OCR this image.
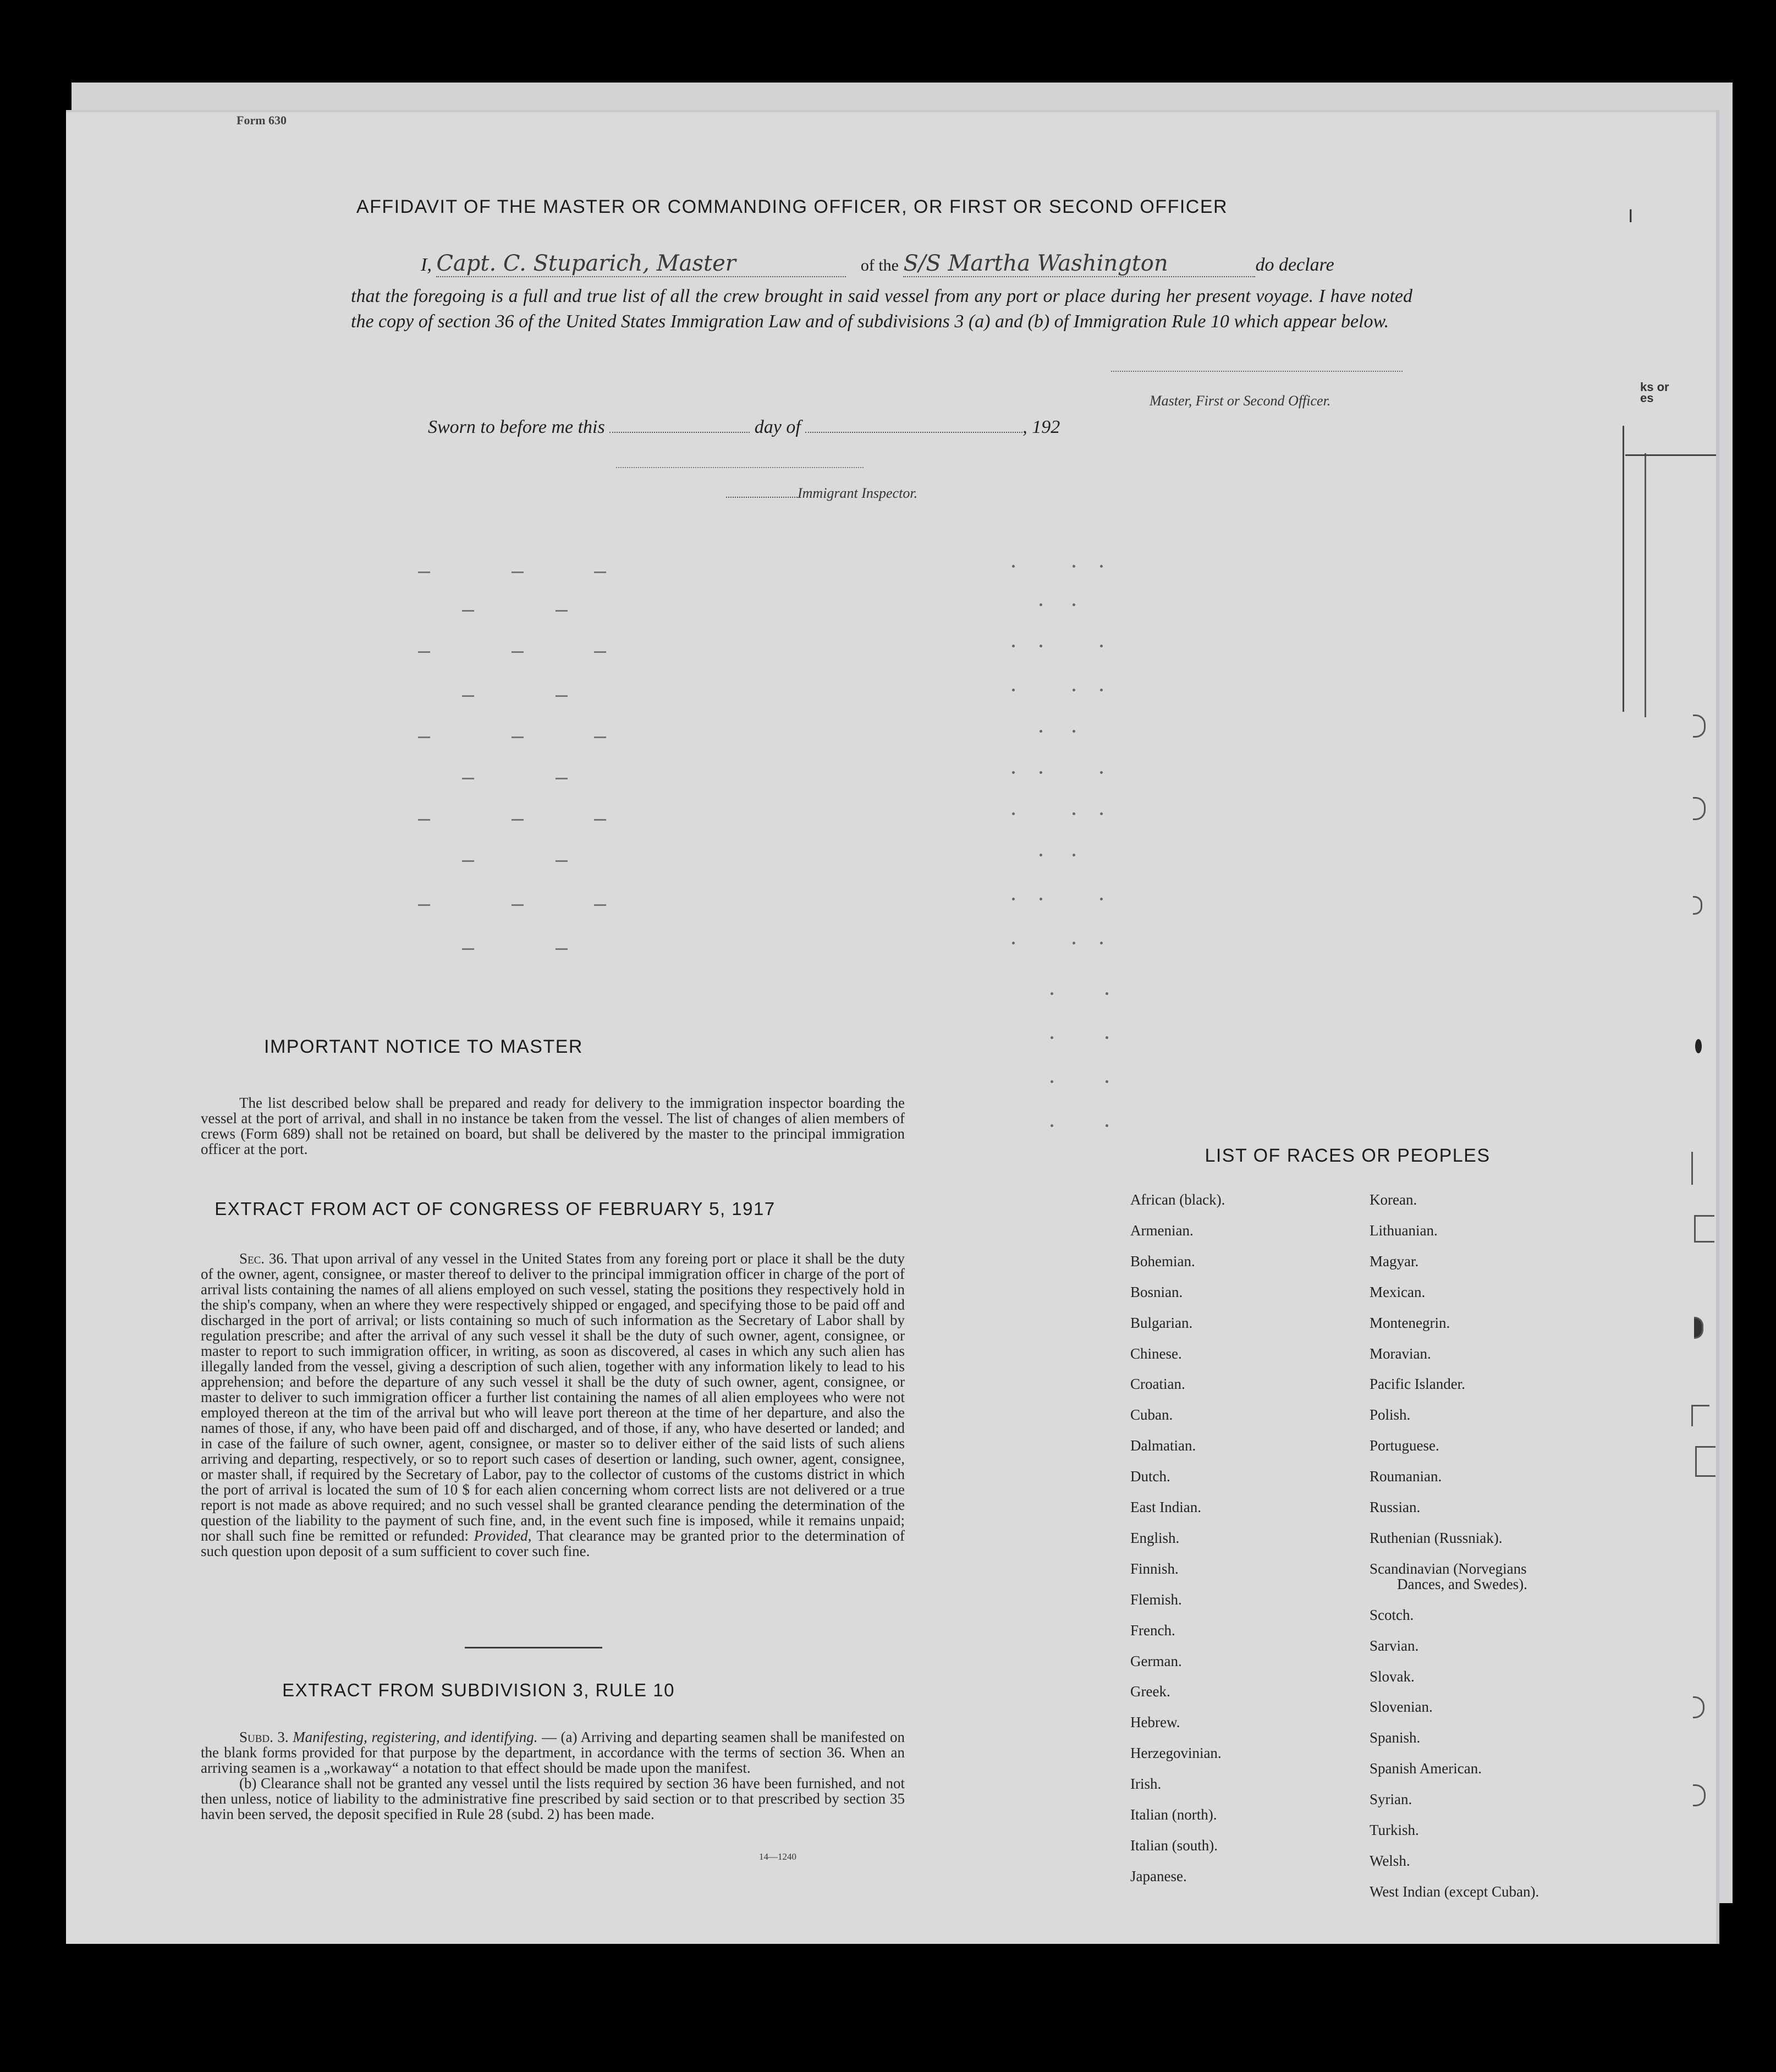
Form 630
I
AFFIDAVIT OF THE MASTER OR COMMANDING OFFICER, OR FIRST OR SECOND OFFICER
I, Capt. C. Stuparich, Master	of the S/S Martha Washington	do declare
that the foregoing is a full and true list of all the crew brought in said vessel from any port or place during her present voyage. I have noted the copy of section 36 of the United States Immigration Law and of subdivisions 3 (a) and (b) of Immigration Rule 10 which appear below.
Master, First or Second Officer.
Sworn to before me this	day of	, 192
Immigrant Inspector.
ks or
es
IMPORTANT NOTICE TO MASTER
The list described below shall be prepared and ready for delivery to the immigration inspector boarding the vessel at the port of arrival, and shall in no instance be taken from the vessel. The list of changes of alien members of crews (Form 689) shall not be retained on board, but shall be delivered by the master to the principal immigration officer at the port.
EXTRACT FROM ACT OF CONGRESS OF FEBRUARY 5, 1917
Sec. 36. That upon arrival of any vessel in the United States from any foreing port or place it shall be the duty of the owner, agent, consignee, or master thereof to deliver to the principal immigration officer in charge of the port of arrival lists containing the names of all aliens employed on such vessel, stating the positions they respectively hold in the ship's company, when an where they were respectively shipped or engaged, and specifying those to be paid off and discharged in the port of arrival; or lists containing so much of such information as the Secretary of Labor shall by regulation prescribe; and after the arrival of any such vessel it shall be the duty of such owner, agent, consignee, or master to report to such immigration officer, in writing, as soon as discovered, al cases in which any such alien has illegally landed from the vessel, giving a description of such alien, together with any information likely to lead to his apprehension; and before the departure of any such vessel it shall be the duty of such owner, agent, consignee, or master to deliver to such immigration officer a further list containing the names of all alien employees who were not employed thereon at the tim of the arrival but who will leave port thereon at the time of her departure, and also the names of those, if any, who have been paid off and discharged, and of those, if any, who have deserted or landed; and in case of the failure of such owner, agent, consignee, or master so to deliver either of the said lists of such aliens arriving and departing, respectively, or so to report such cases of desertion or landing, such owner, agent, consignee, or master shall, if required by the Secretary of Labor, pay to the collector of customs of the customs district in which the port of arrival is located the sum of 10 $ for each alien concerning whom correct lists are not delivered or a true report is not made as above required; and no such vessel shall be granted clearance pending the determination of the question of the liability to the payment of such fine, and, in the event such fine is imposed, while it remains unpaid; nor shall such fine be remitted or refunded: Provided, That clearance may be granted prior to the determination of such question upon deposit of a sum sufficient to cover such fine.
EXTRACT FROM SUBDIVISION 3, RULE 10
Subd. 3. Manifesting, registering, and identifying. — (a) Arriving and departing seamen shall be manifested on the blank forms provided for that purpose by the department, in accordance with the terms of section 36. When an arriving seamen is a „workaway“ a notation to that effect should be made upon the manifest.
(b) Clearance shall not be granted any vessel until the lists required by section 36 have been furnished, and not then unless, notice of liability to the administrative fine prescribed by said section or to that prescribed by section 35 havin been served, the deposit specified in Rule 28 (subd. 2) has been made.
14—1240
LIST OF RACES OR PEOPLES
African (black).
Armenian.
Bohemian.
Bosnian.
Bulgarian.
Chinese.
Croatian.
Cuban.
Dalmatian.
Dutch.
East Indian.
English.
Finnish.
Flemish.
French.
German.
Greek.
Hebrew.
Herzegovinian.
Irish.
Italian (north).
Italian (south).
Japanese.
Korean.
Lithuanian.
Magyar.
Mexican.
Montenegrin.
Moravian.
Pacific Islander.
Polish.
Portuguese.
Roumanian.
Russian.
Ruthenian (Russniak).
Scandinavian (Norvegians
Dances, and Swedes).
Scotch.
Sarvian.
Slovak.
Slovenian.
Spanish.
Spanish American.
Syrian.
Turkish.
Welsh.
West Indian (except Cuban).
